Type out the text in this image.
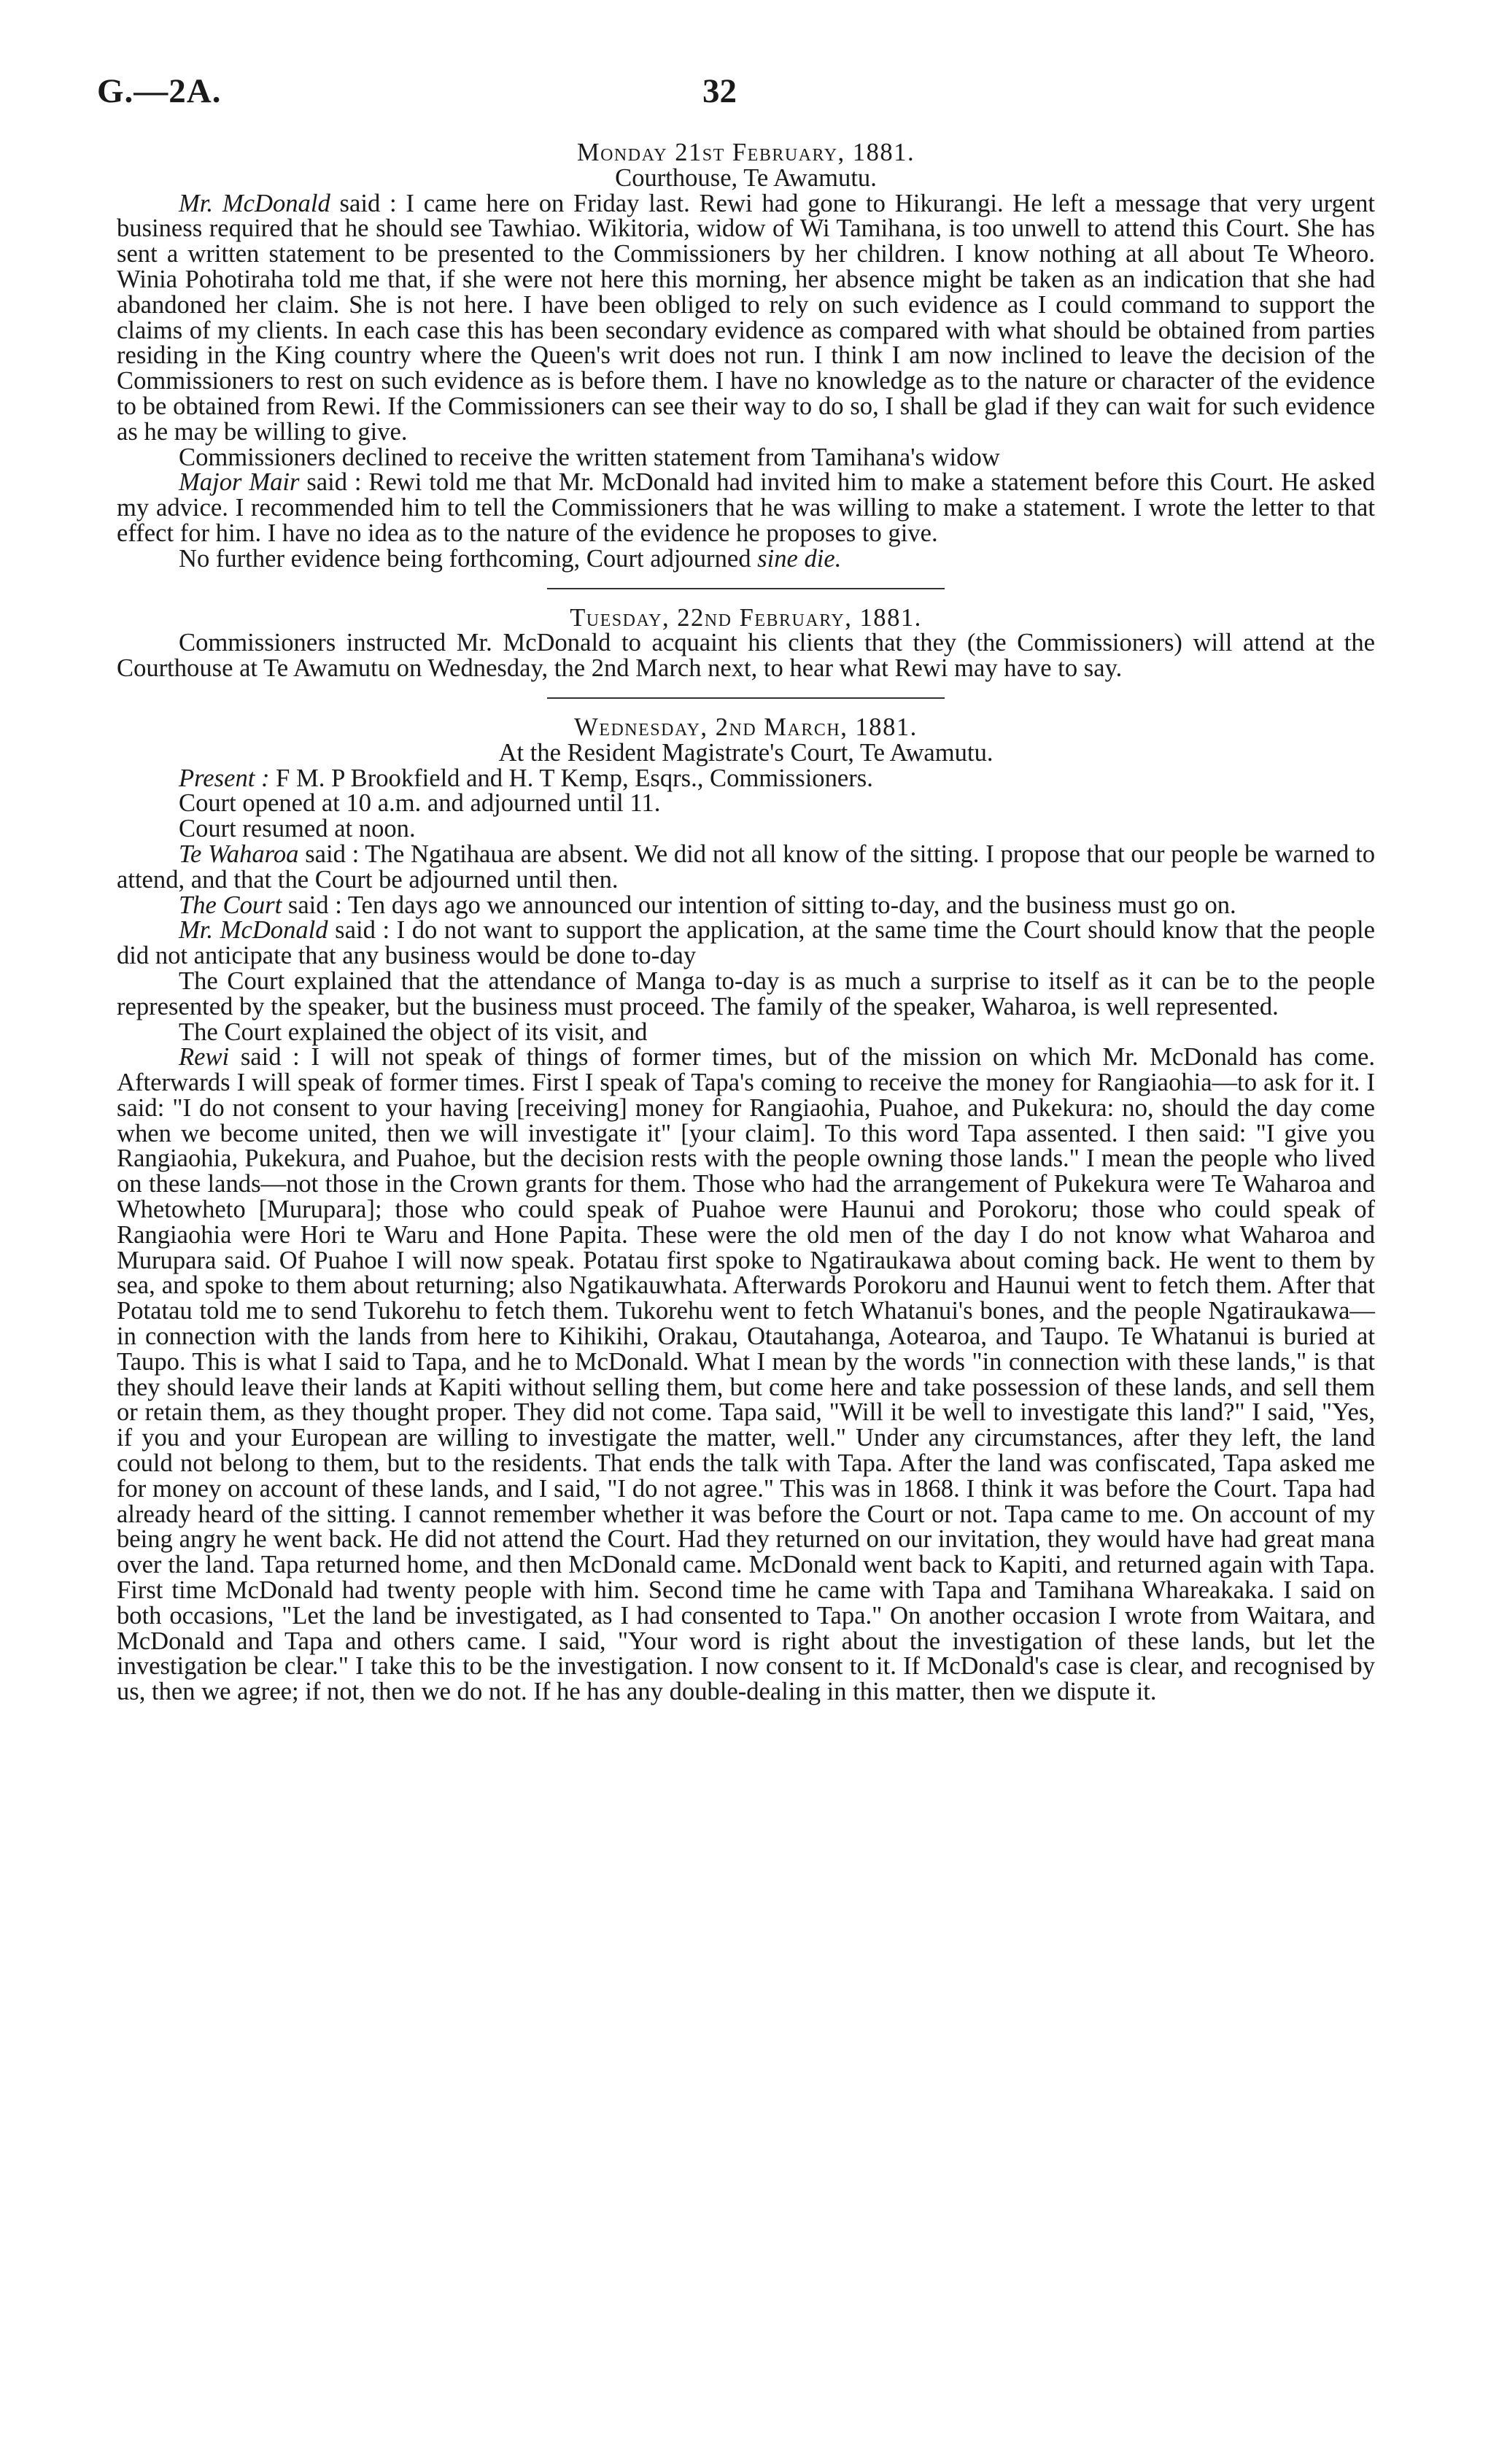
G.—2A.	32
Monday 21st February, 1881.
Courthouse, Te Awamutu.

Mr. McDonald said : I came here on Friday last. Rewi had gone to Hikurangi. He left a message that very urgent business required that he should see Tawhiao. Wikitoria, widow of Wi Tamihana, is too unwell to attend this Court. She has sent a written statement to be presented to the Commissioners by her children. I know nothing at all about Te Wheoro. Winia Pohotiraha told me that, if she were not here this morning, her absence might be taken as an indication that she had abandoned her claim. She is not here. I have been obliged to rely on such evidence as I could command to support the claims of my clients. In each case this has been secondary evidence as compared with what should be obtained from parties residing in the King country where the Queen's writ does not run. I think I am now inclined to leave the decision of the Commissioners to rest on such evidence as is before them. I have no knowledge as to the nature or character of the evidence to be obtained from Rewi. If the Commissioners can see their way to do so, I shall be glad if they can wait for such evidence as he may be willing to give.

Commissioners declined to receive the written statement from Tamihana's widow

Major Mair said : Rewi told me that Mr. McDonald had invited him to make a statement before this Court. He asked my advice. I recommended him to tell the Commissioners that he was willing to make a statement. I wrote the letter to that effect for him. I have no idea as to the nature of the evidence he proposes to give.

No further evidence being forthcoming, Court adjourned sine die.

Tuesday, 22nd February, 1881.

Commissioners instructed Mr. McDonald to acquaint his clients that they (the Commissioners) will attend at the Courthouse at Te Awamutu on Wednesday, the 2nd March next, to hear what Rewi may have to say.

Wednesday, 2nd March, 1881.
At the Resident Magistrate's Court, Te Awamutu.

Present : F M. P Brookfield and H. T Kemp, Esqrs., Commissioners.

Court opened at 10 a.m. and adjourned until 11.

Court resumed at noon.

Te Waharoa said : The Ngatihaua are absent. We did not all know of the sitting. I propose that our people be warned to attend, and that the Court be adjourned until then.

The Court said : Ten days ago we announced our intention of sitting to-day, and the business must go on.

Mr. McDonald said : I do not want to support the application, at the same time the Court should know that the people did not anticipate that any business would be done to-day

The Court explained that the attendance of Manga to-day is as much a surprise to itself as it can be to the people represented by the speaker, but the business must proceed. The family of the speaker, Waharoa, is well represented.

The Court explained the object of its visit, and

Rewi said : I will not speak of things of former times, but of the mission on which Mr. McDonald has come. Afterwards I will speak of former times. First I speak of Tapa's coming to receive the money for Rangiaohia—to ask for it. I said: "I do not consent to your having [receiving] money for Rangiaohia, Puahoe, and Pukekura: no, should the day come when we become united, then we will investigate it" [your claim]. To this word Tapa assented. I then said: "I give you Rangiaohia, Pukekura, and Puahoe, but the decision rests with the people owning those lands." I mean the people who lived on these lands—not those in the Crown grants for them. Those who had the arrangement of Pukekura were Te Waharoa and Whetowheto [Murupara]; those who could speak of Puahoe were Haunui and Porokoru; those who could speak of Rangiaohia were Hori te Waru and Hone Papita. These were the old men of the day I do not know what Waharoa and Murupara said. Of Puahoe I will now speak. Potatau first spoke to Ngatiraukawa about coming back. He went to them by sea, and spoke to them about returning; also Ngatikauwhata. Afterwards Porokoru and Haunui went to fetch them. After that Potatau told me to send Tukorehu to fetch them. Tukorehu went to fetch Whatanui's bones, and the people Ngatiraukawa—in connection with the lands from here to Kihikihi, Orakau, Otautahanga, Aotearoa, and Taupo. Te Whatanui is buried at Taupo. This is what I said to Tapa, and he to McDonald. What I mean by the words "in connection with these lands," is that they should leave their lands at Kapiti without selling them, but come here and take possession of these lands, and sell them or retain them, as they thought proper. They did not come. Tapa said, "Will it be well to investigate this land?" I said, "Yes, if you and your European are willing to investigate the matter, well." Under any circumstances, after they left, the land could not belong to them, but to the residents. That ends the talk with Tapa. After the land was confiscated, Tapa asked me for money on account of these lands, and I said, "I do not agree." This was in 1868. I think it was before the Court. Tapa had already heard of the sitting. I cannot remember whether it was before the Court or not. Tapa came to me. On account of my being angry he went back. He did not attend the Court. Had they returned on our invitation, they would have had great mana over the land. Tapa returned home, and then McDonald came. McDonald went back to Kapiti, and returned again with Tapa. First time McDonald had twenty people with him. Second time he came with Tapa and Tamihana Whareakaka. I said on both occasions, "Let the land be investigated, as I had consented to Tapa." On another occasion I wrote from Waitara, and McDonald and Tapa and others came. I said, "Your word is right about the investigation of these lands, but let the investigation be clear." I take this to be the investigation. I now consent to it. If McDonald's case is clear, and recognised by us, then we agree; if not, then we do not. If he has any double-dealing in this matter, then we dispute it.
